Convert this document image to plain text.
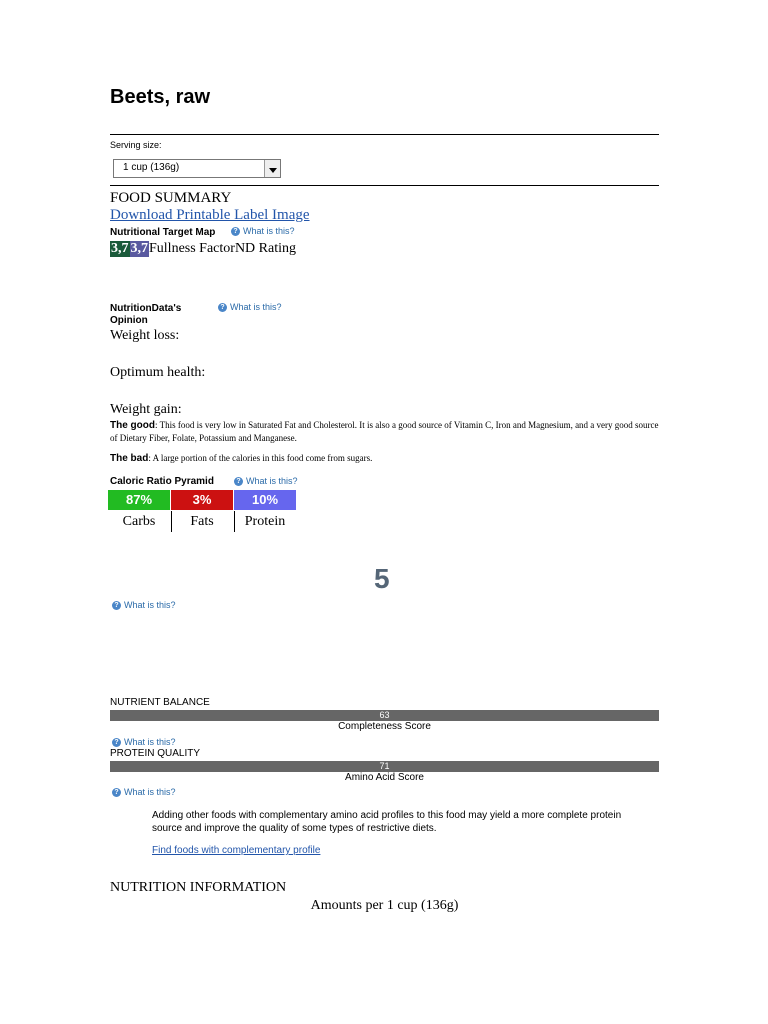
Beets, raw
Serving size:
1 cup (136g)
FOOD SUMMARY
Download Printable Label Image
Nutritional Target Map	? What is this?
3,7 3,7 Fullness FactorND Rating
NutritionData's Opinion
? What is this?
Weight loss:
Optimum health:
Weight gain:
The good: This food is very low in Saturated Fat and Cholesterol. It is also a good source of Vitamin C, Iron and Magnesium, and a very good source of Dietary Fiber, Folate, Potassium and Manganese.
The bad: A large portion of the calories in this food come from sugars.
Caloric Ratio Pyramid	? What is this?
87%	3%	10%
Carbs	Fats	Protein
5
? What is this?
NUTRIENT BALANCE
63
Completeness Score
? What is this?
PROTEIN QUALITY
71
Amino Acid Score
? What is this?
Adding other foods with complementary amino acid profiles to this food may yield a more complete protein source and improve the quality of some types of restrictive diets.
Find foods with complementary profile
NUTRITION INFORMATION
Amounts per 1 cup (136g)
